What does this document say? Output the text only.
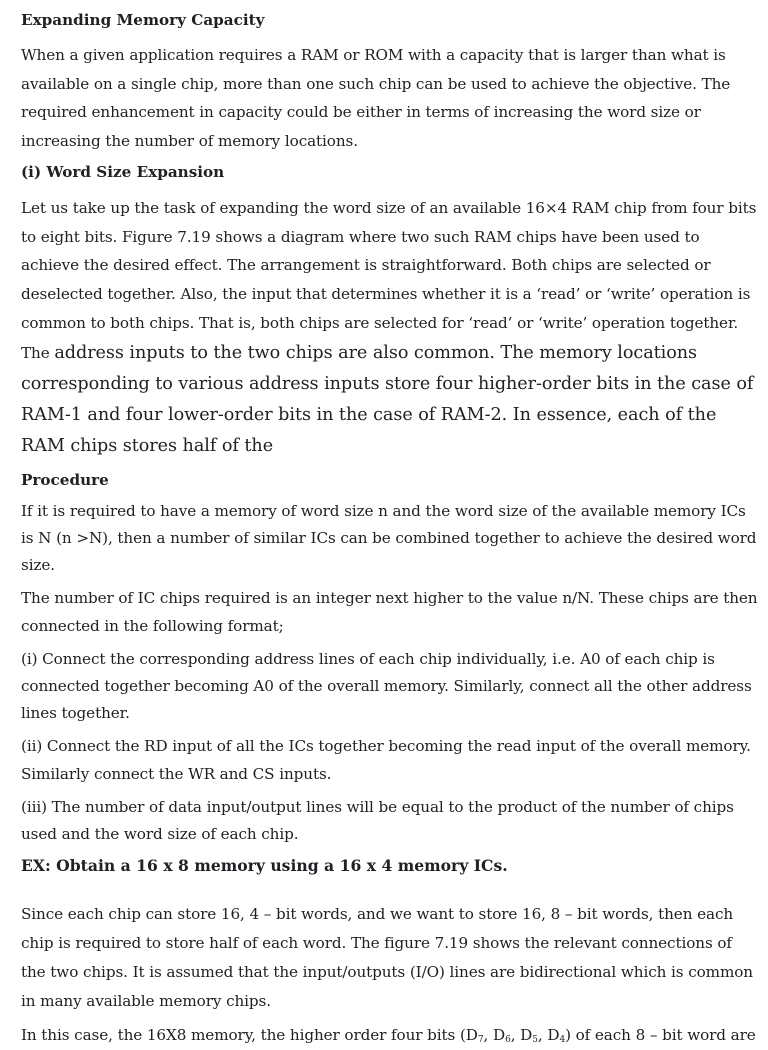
Expanding Memory Capacity

When a given application requires a RAM or ROM with a capacity that is larger than what is available on a single chip, more than one such chip can be used to achieve the objective. The required enhancement in capacity could be either in terms of increasing the word size or increasing the number of memory locations.

(i) Word Size Expansion

Let us take up the task of expanding the word size of an available 16×4 RAM chip from four bits to eight bits. Figure 7.19 shows a diagram where two such RAM chips have been used to achieve the desired effect. The arrangement is straightforward. Both chips are selected or deselected together. Also, the input that determines whether it is a ‘read’ or ‘write’ operation is common to both chips. That is, both chips are selected for ‘read’ or ‘write’ operation together. The address inputs to the two chips are also common. The memory locations corresponding to various address inputs store four higher-order bits in the case of RAM-1 and four lower-order bits in the case of RAM-2. In essence, each of the RAM chips stores half of the

Procedure

If it is required to have a memory of word size n and the word size of the available memory ICs is N (n >N), then a number of similar ICs can be combined together to achieve the desired word size.

The number of IC chips required is an integer next higher to the value n/N. These chips are then connected in the following format;

(i) Connect the corresponding address lines of each chip individually, i.e. A0 of each chip is connected together becoming A0 of the overall memory. Similarly, connect all the other address lines together.

(ii) Connect the RD input of all the ICs together becoming the read input of the overall memory. Similarly connect the WR and CS inputs.

(iii) The number of data input/output lines will be equal to the product of the number of chips used and the word size of each chip.

EX: Obtain a 16 x 8 memory using a 16 x 4 memory ICs.

Since each chip can store 16, 4 – bit words, and we want to store 16, 8 – bit words, then each chip is required to store half of each word. The figure 7.19 shows the relevant connections of the two chips. It is assumed that the input/outputs (I/O) lines are bidirectional which is common in many available memory chips.

In this case, the 16X8 memory, the higher order four bits ($D_7$, $D_6$, $D_5$, $D_4$) of each 8 – bit word are
